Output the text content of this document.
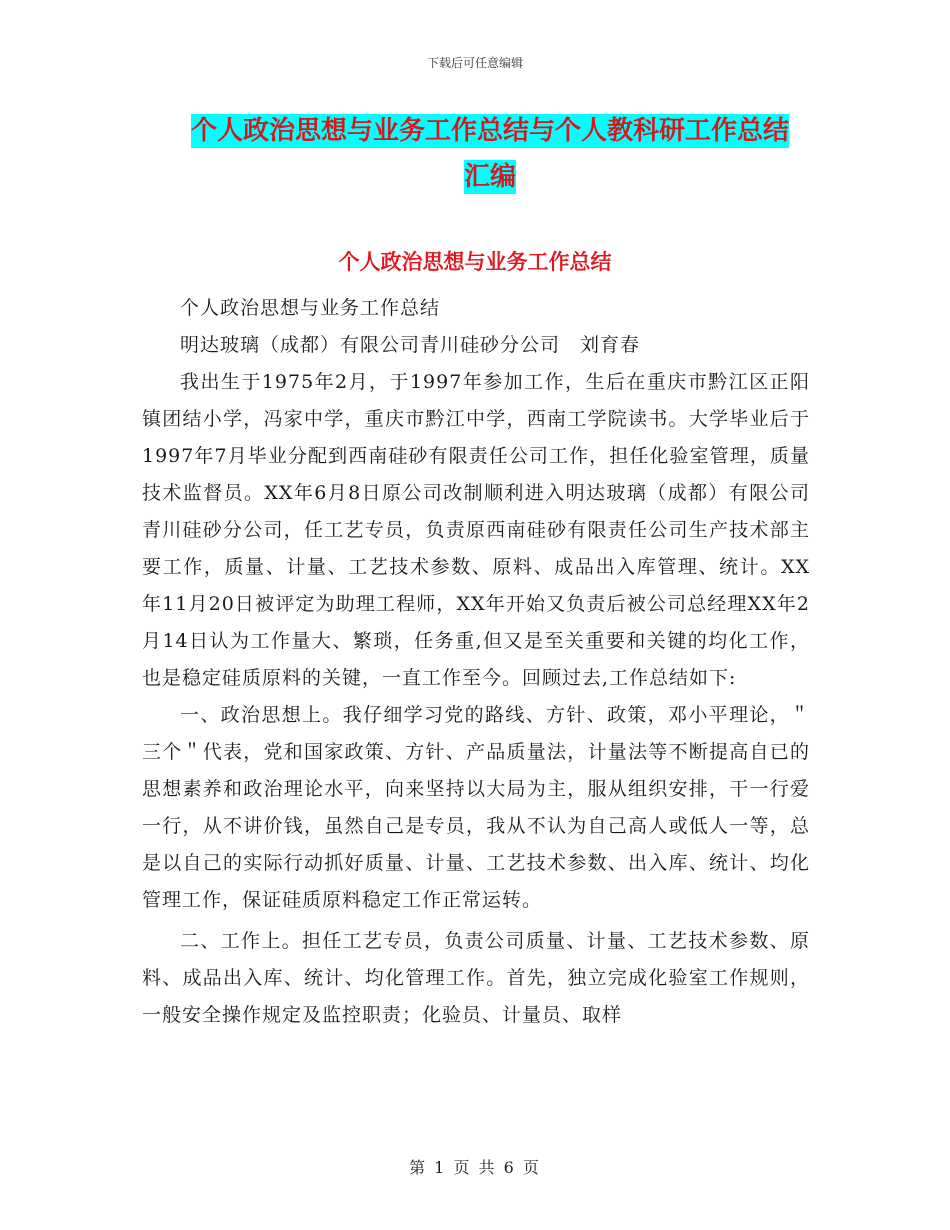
下载后可任意编辑
个人政治思想与业务工作总结与个人教科研工作总结
汇编
个人政治思想与业务工作总结

个人政治思想与业务工作总结

明达玻璃（成都）有限公司青川硅砂分公司　刘育春

我出生于1975年2月，于1997年参加工作，生后在重庆市黔江区正阳镇团结小学，冯家中学，重庆市黔江中学，西南工学院读书。大学毕业后于1997年7月毕业分配到西南硅砂有限责任公司工作，担任化验室管理，质量技术监督员。XX年6月8日原公司改制顺利进入明达玻璃（成都）有限公司青川硅砂分公司，任工艺专员，负责原西南硅砂有限责任公司生产技术部主要工作，质量、计量、工艺技术参数、原料、成品出入库管理、统计。XX年11月20日被评定为助理工程师，XX年开始又负责后被公司总经理XX年2月14日认为工作量大、繁琐，任务重,但又是至关重要和关键的均化工作，也是稳定硅质原料的关键，一直工作至今。回顾过去,工作总结如下:

一、政治思想上。我仔细学习党的路线、方针、政策，邓小平理论，＂三个＂代表，党和国家政策、方针、产品质量法，计量法等不断提高自已的思想素养和政治理论水平，向来坚持以大局为主，服从组织安排，干一行爱一行，从不讲价钱，虽然自己是专员，我从不认为自己高人或低人一等，总是以自己的实际行动抓好质量、计量、工艺技术参数、出入库、统计、均化管理工作，保证硅质原料稳定工作正常运转。

二、工作上。担任工艺专员，负责公司质量、计量、工艺技术参数、原料、成品出入库、统计、均化管理工作。首先，独立完成化验室工作规则，一般安全操作规定及监控职责；化验员、计量员、取样

第 1 页 共 6 页
